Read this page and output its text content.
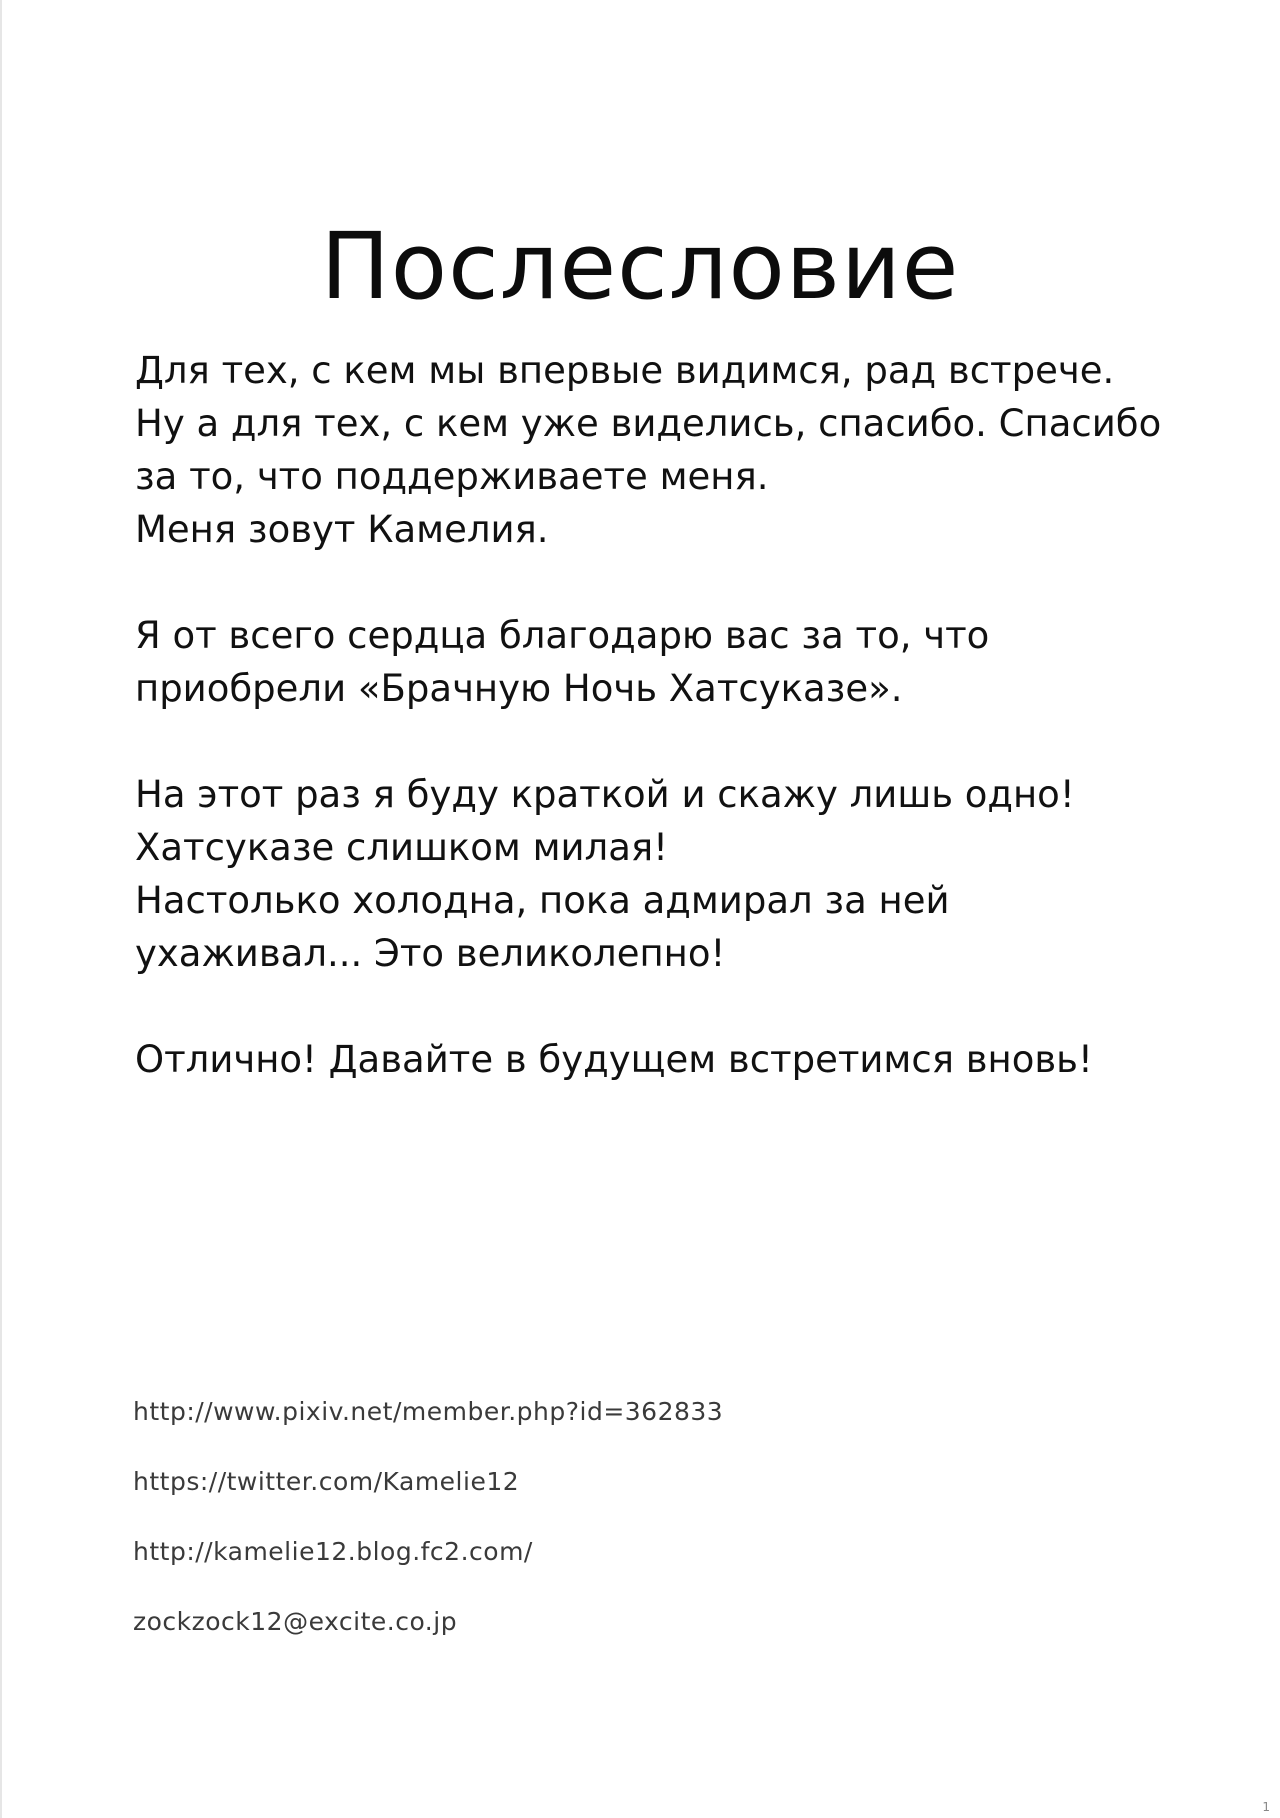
Послесловие

Для тех, с кем мы впервые видимся, рад встрече.
Ну а для тех, с кем уже виделись, спасибо. Спасибо
за то, что поддерживаете меня.
Меня зовут Камелия.

Я от всего сердца благодарю вас за то, что
приобрели «Брачную Ночь Хатсуказе».

На этот раз я буду краткой и скажу лишь одно!
Хатсуказе слишком милая!
Настолько холодна, пока адмирал за ней
ухаживал... Это великолепно!

Отлично! Давайте в будущем встретимся вновь!

http://www.pixiv.net/member.php?id=362833
https://twitter.com/Kamelie12
http://kamelie12.blog.fc2.com/
zockzock12@excite.co.jp
1
